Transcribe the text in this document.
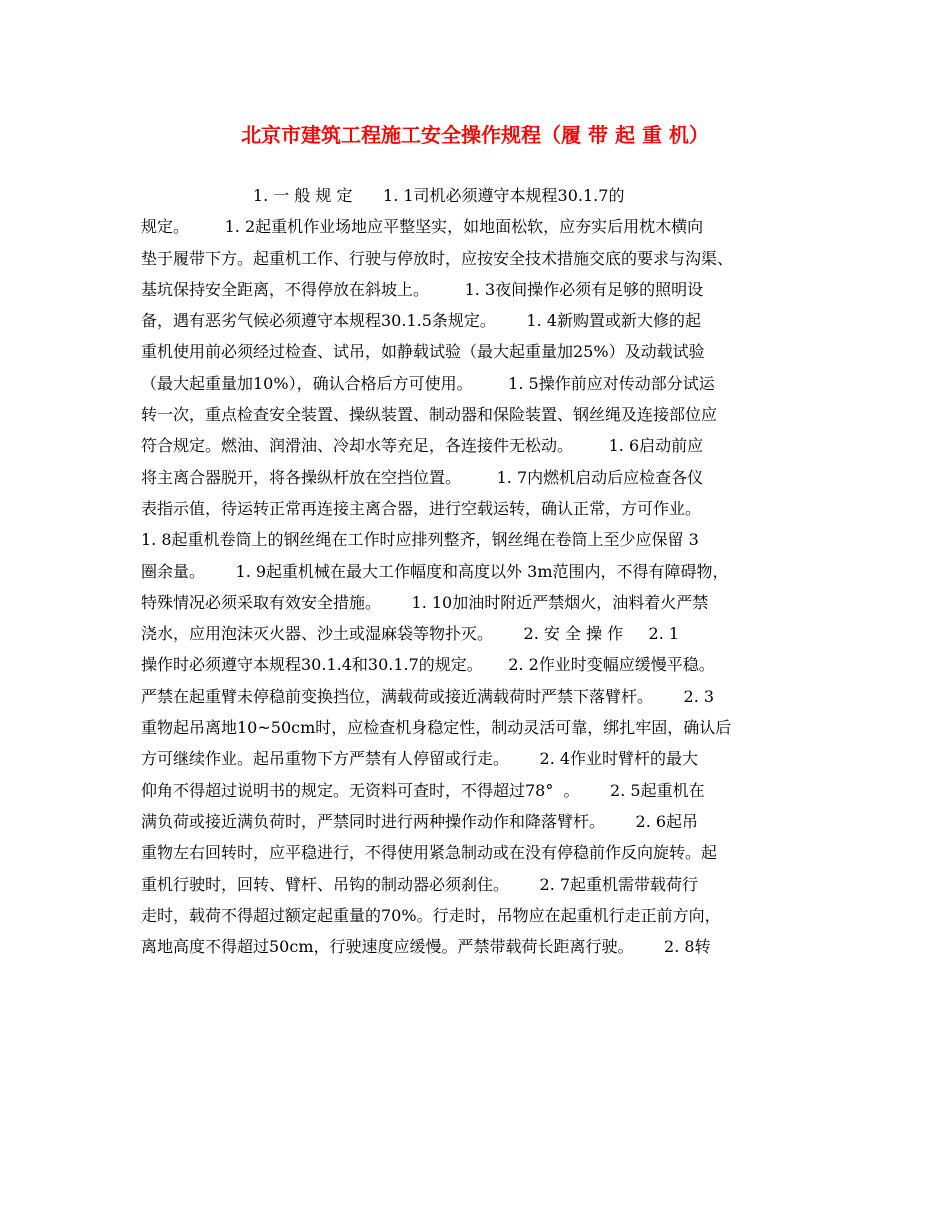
北京市建筑工程施工安全操作规程（履 带 起 重 机）
1. 一 般 规 定      1. 1司机必须遵守本规程30.1.7的
规定。       1. 2起重机作业场地应平整坚实，如地面松软，应夯实后用枕木横向
垫于履带下方。起重机工作、行驶与停放时，应按安全技术措施交底的要求与沟渠、
基坑保持安全距离，不得停放在斜坡上。       1. 3夜间操作必须有足够的照明设
备，遇有恶劣气候必须遵守本规程30.1.5条规定。      1. 4新购置或新大修的起
重机使用前必须经过检查、试吊，如静载试验（最大起重量加25%）及动载试验
（最大起重量加10%），确认合格后方可使用。       1. 5操作前应对传动部分试运
转一次，重点检查安全装置、操纵装置、制动器和保险装置、钢丝绳及连接部位应
符合规定。燃油、润滑油、冷却水等充足，各连接件无松动。       1. 6启动前应
将主离合器脱开，将各操纵杆放在空挡位置。       1. 7内燃机启动后应检查各仪
表指示值，待运转正常再连接主离合器，进行空载运转，确认正常，方可作业。
1. 8起重机卷筒上的钢丝绳在工作时应排列整齐，钢丝绳在卷筒上至少应保留 3
圈余量。      1. 9起重机械在最大工作幅度和高度以外 3m范围内，不得有障碍物，
特殊情况必须采取有效安全措施。      1. 10加油时附近严禁烟火，油料着火严禁
浇水，应用泡沫灭火器、沙土或湿麻袋等物扑灭。      2. 安 全 操 作     2. 1
操作时必须遵守本规程30.1.4和30.1.7的规定。     2. 2作业时变幅应缓慢平稳。
严禁在起重臂未停稳前变换挡位，满载荷或接近满载荷时严禁下落臂杆。      2. 3
重物起吊离地10~50cm时，应检查机身稳定性，制动灵活可靠，绑扎牢固，确认后
方可继续作业。起吊重物下方严禁有人停留或行走。      2. 4作业时臂杆的最大
仰角不得超过说明书的规定。无资料可查时，不得超过78°  。      2. 5起重机在
满负荷或接近满负荷时，严禁同时进行两种操作动作和降落臂杆。      2. 6起吊
重物左右回转时，应平稳进行，不得使用紧急制动或在没有停稳前作反向旋转。起
重机行驶时，回转、臂杆、吊钩的制动器必须刹住。      2. 7起重机需带载荷行
走时，载荷不得超过额定起重量的70%。行走时，吊物应在起重机行走正前方向，
离地高度不得超过50cm，行驶速度应缓慢。严禁带载荷长距离行驶。      2. 8转
